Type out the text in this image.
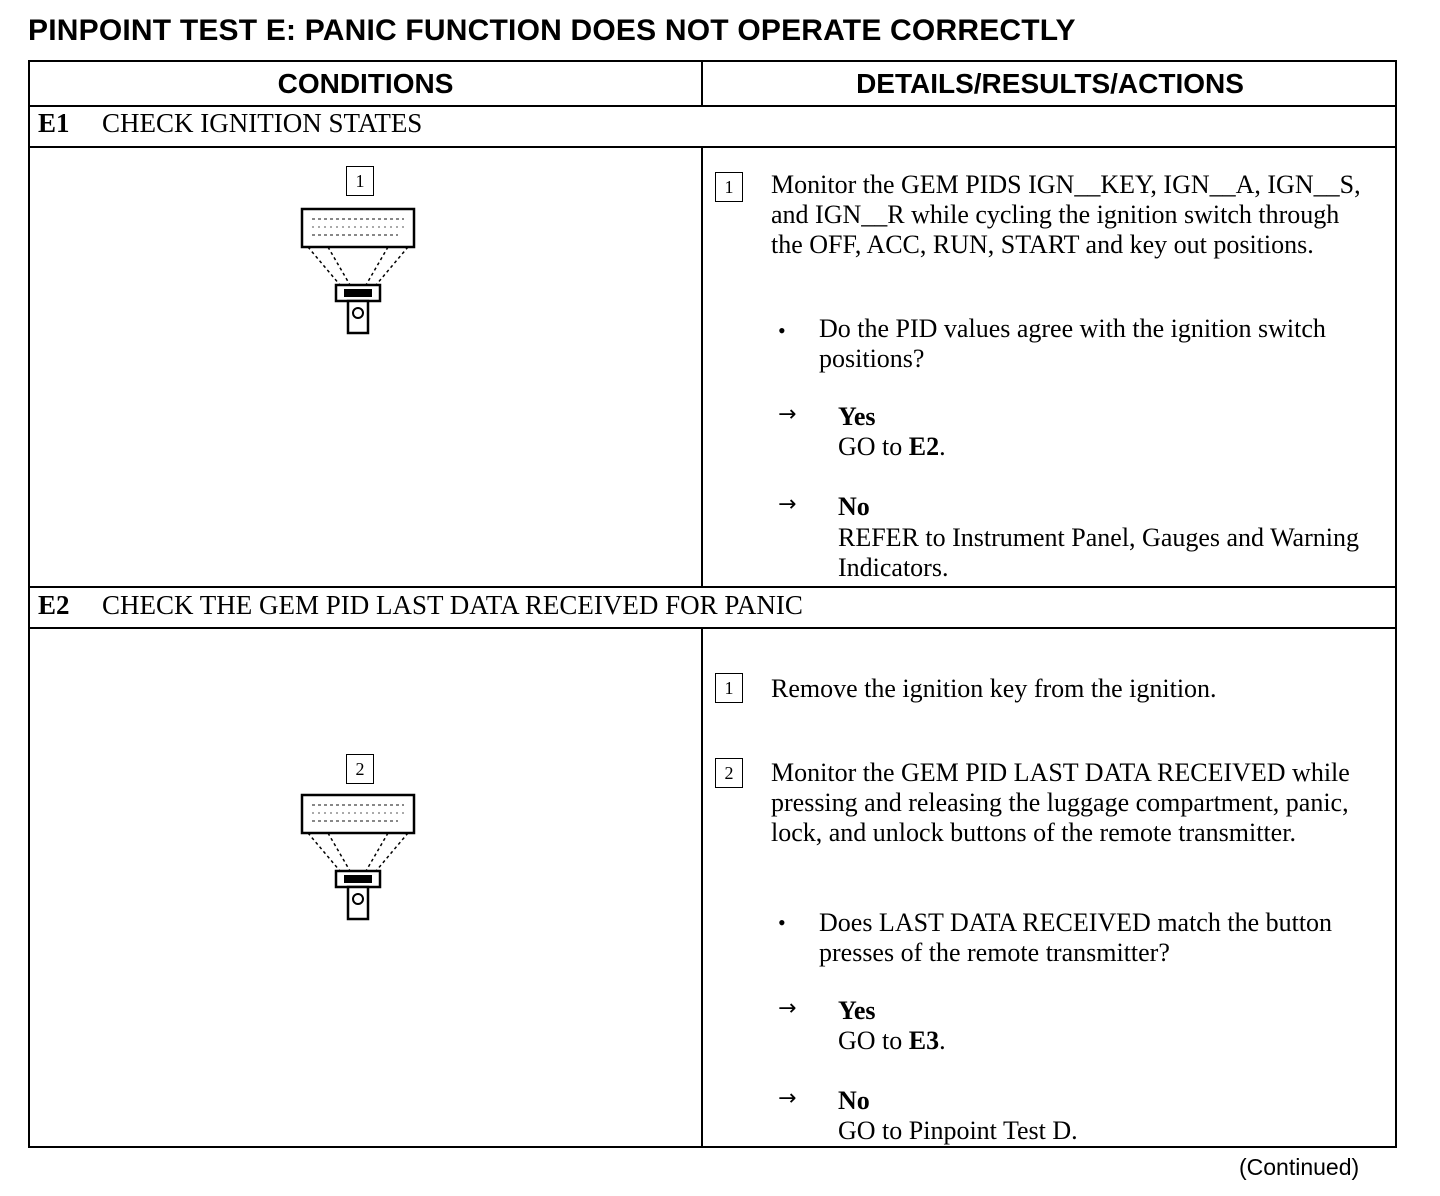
PINPOINT TEST E: PANIC FUNCTION DOES NOT OPERATE CORRECTLY
CONDITIONS	DETAILS/RESULTS/ACTIONS
E1 CHECK IGNITION STATES
1	1	Monitor the GEM PIDS IGN__KEY, IGN__A, IGN__S, and IGN__R while cycling the ignition switch through the OFF, ACC, RUN, START and key out positions.
• Do the PID values agree with the ignition switch positions?
→ Yes
GO to E2.
→ No
REFER to Instrument Panel, Gauges and Warning Indicators.
E2 CHECK THE GEM PID LAST DATA RECEIVED FOR PANIC
2
1	Remove the ignition key from the ignition.
2	Monitor the GEM PID LAST DATA RECEIVED while pressing and releasing the luggage compartment, panic, lock, and unlock buttons of the remote transmitter.
• Does LAST DATA RECEIVED match the button presses of the remote transmitter?
→ Yes
GO to E3.
→ No
GO to Pinpoint Test D.
(Continued)
